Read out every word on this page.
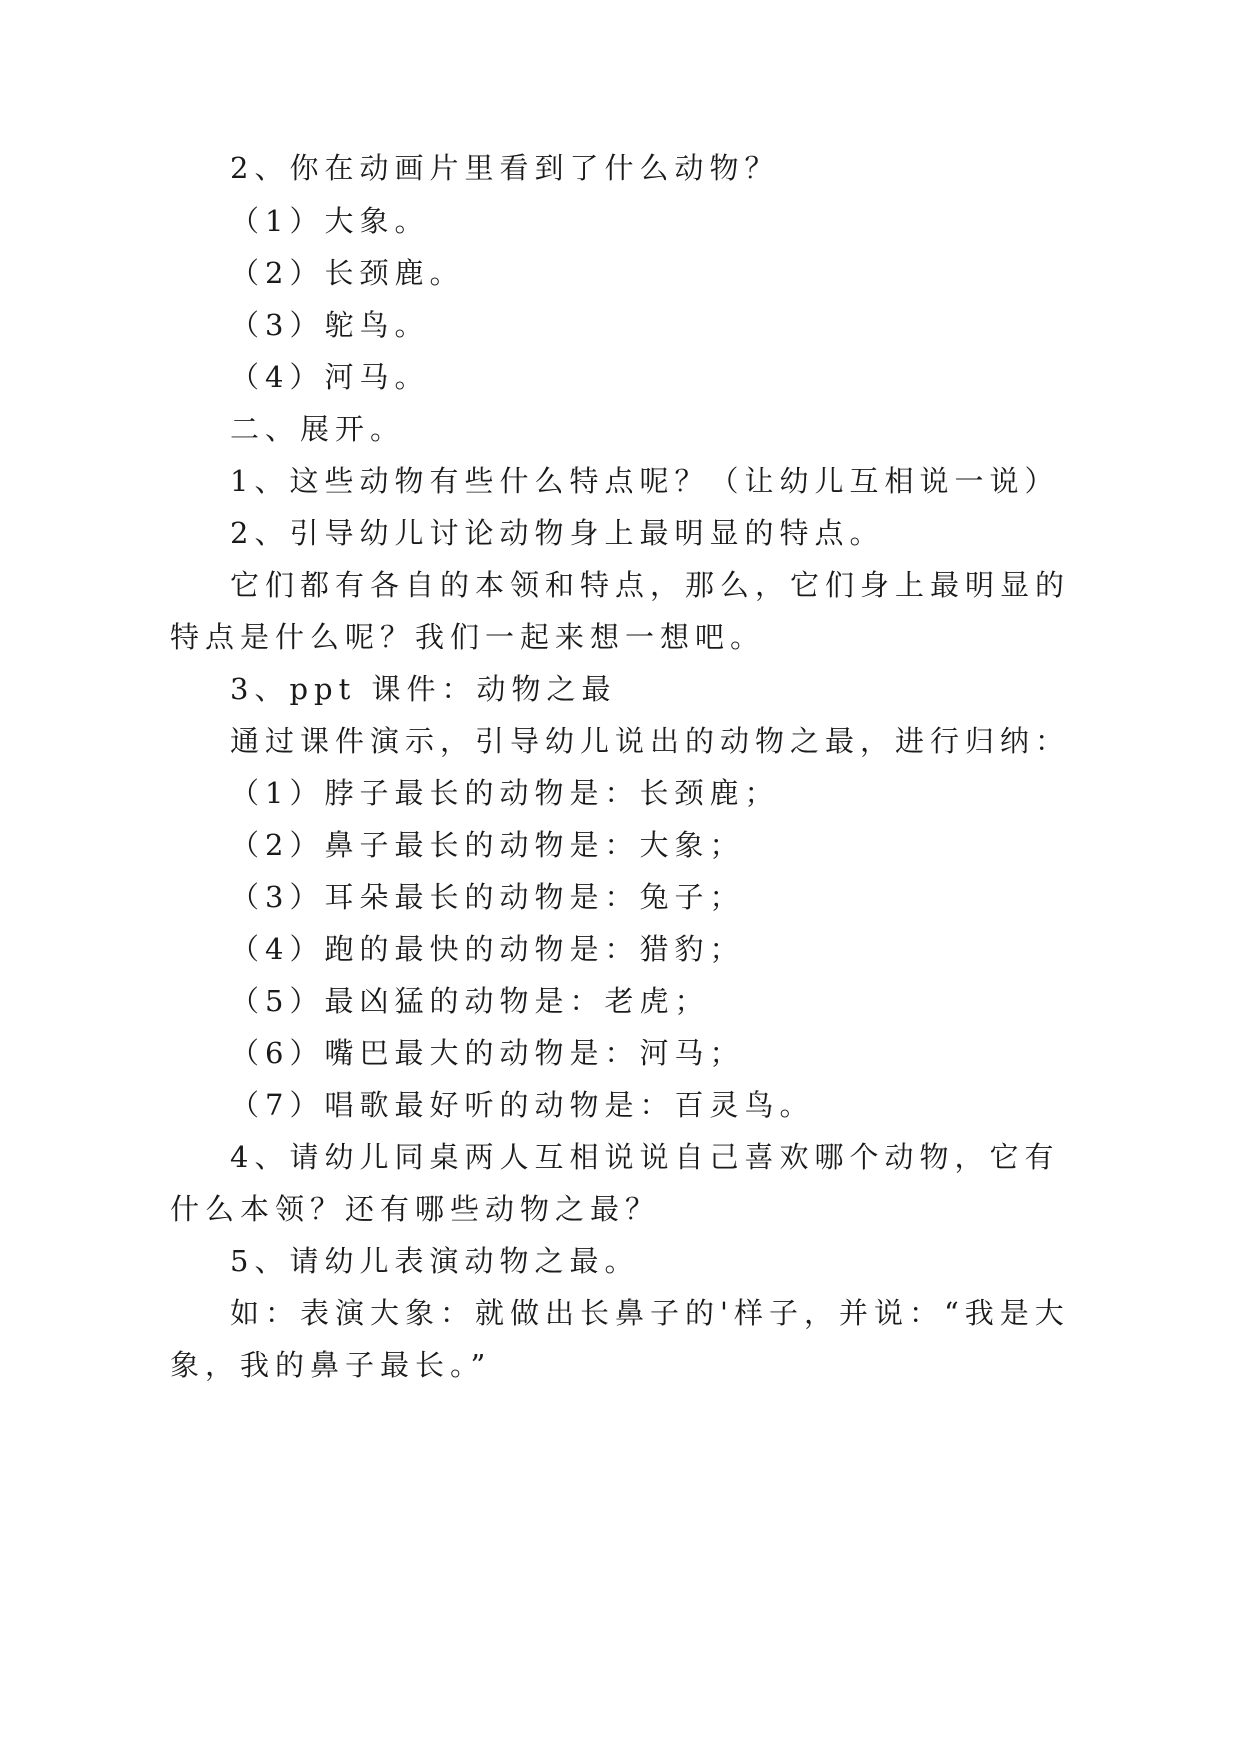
2、你在动画片里看到了什么动物？
（1）大象。
（2）长颈鹿。
（3）鸵鸟。
（4）河马。
二、展开。
1、这些动物有些什么特点呢？（让幼儿互相说一说）
2、引导幼儿讨论动物身上最明显的特点。
它们都有各自的本领和特点，那么，它们身上最明显的
特点是什么呢？我们一起来想一想吧。
3、ppt 课件：动物之最
通过课件演示，引导幼儿说出的动物之最，进行归纳：
（1）脖子最长的动物是：长颈鹿；
（2）鼻子最长的动物是：大象；
（3）耳朵最长的动物是：兔子；
（4）跑的最快的动物是：猎豹；
（5）最凶猛的动物是：老虎；
（6）嘴巴最大的动物是：河马；
（7）唱歌最好听的动物是：百灵鸟。
4、请幼儿同桌两人互相说说自己喜欢哪个动物，它有
什么本领？还有哪些动物之最？
5、请幼儿表演动物之最。
如：表演大象：就做出长鼻子的'样子，并说：“我是大
象，我的鼻子最长。”
